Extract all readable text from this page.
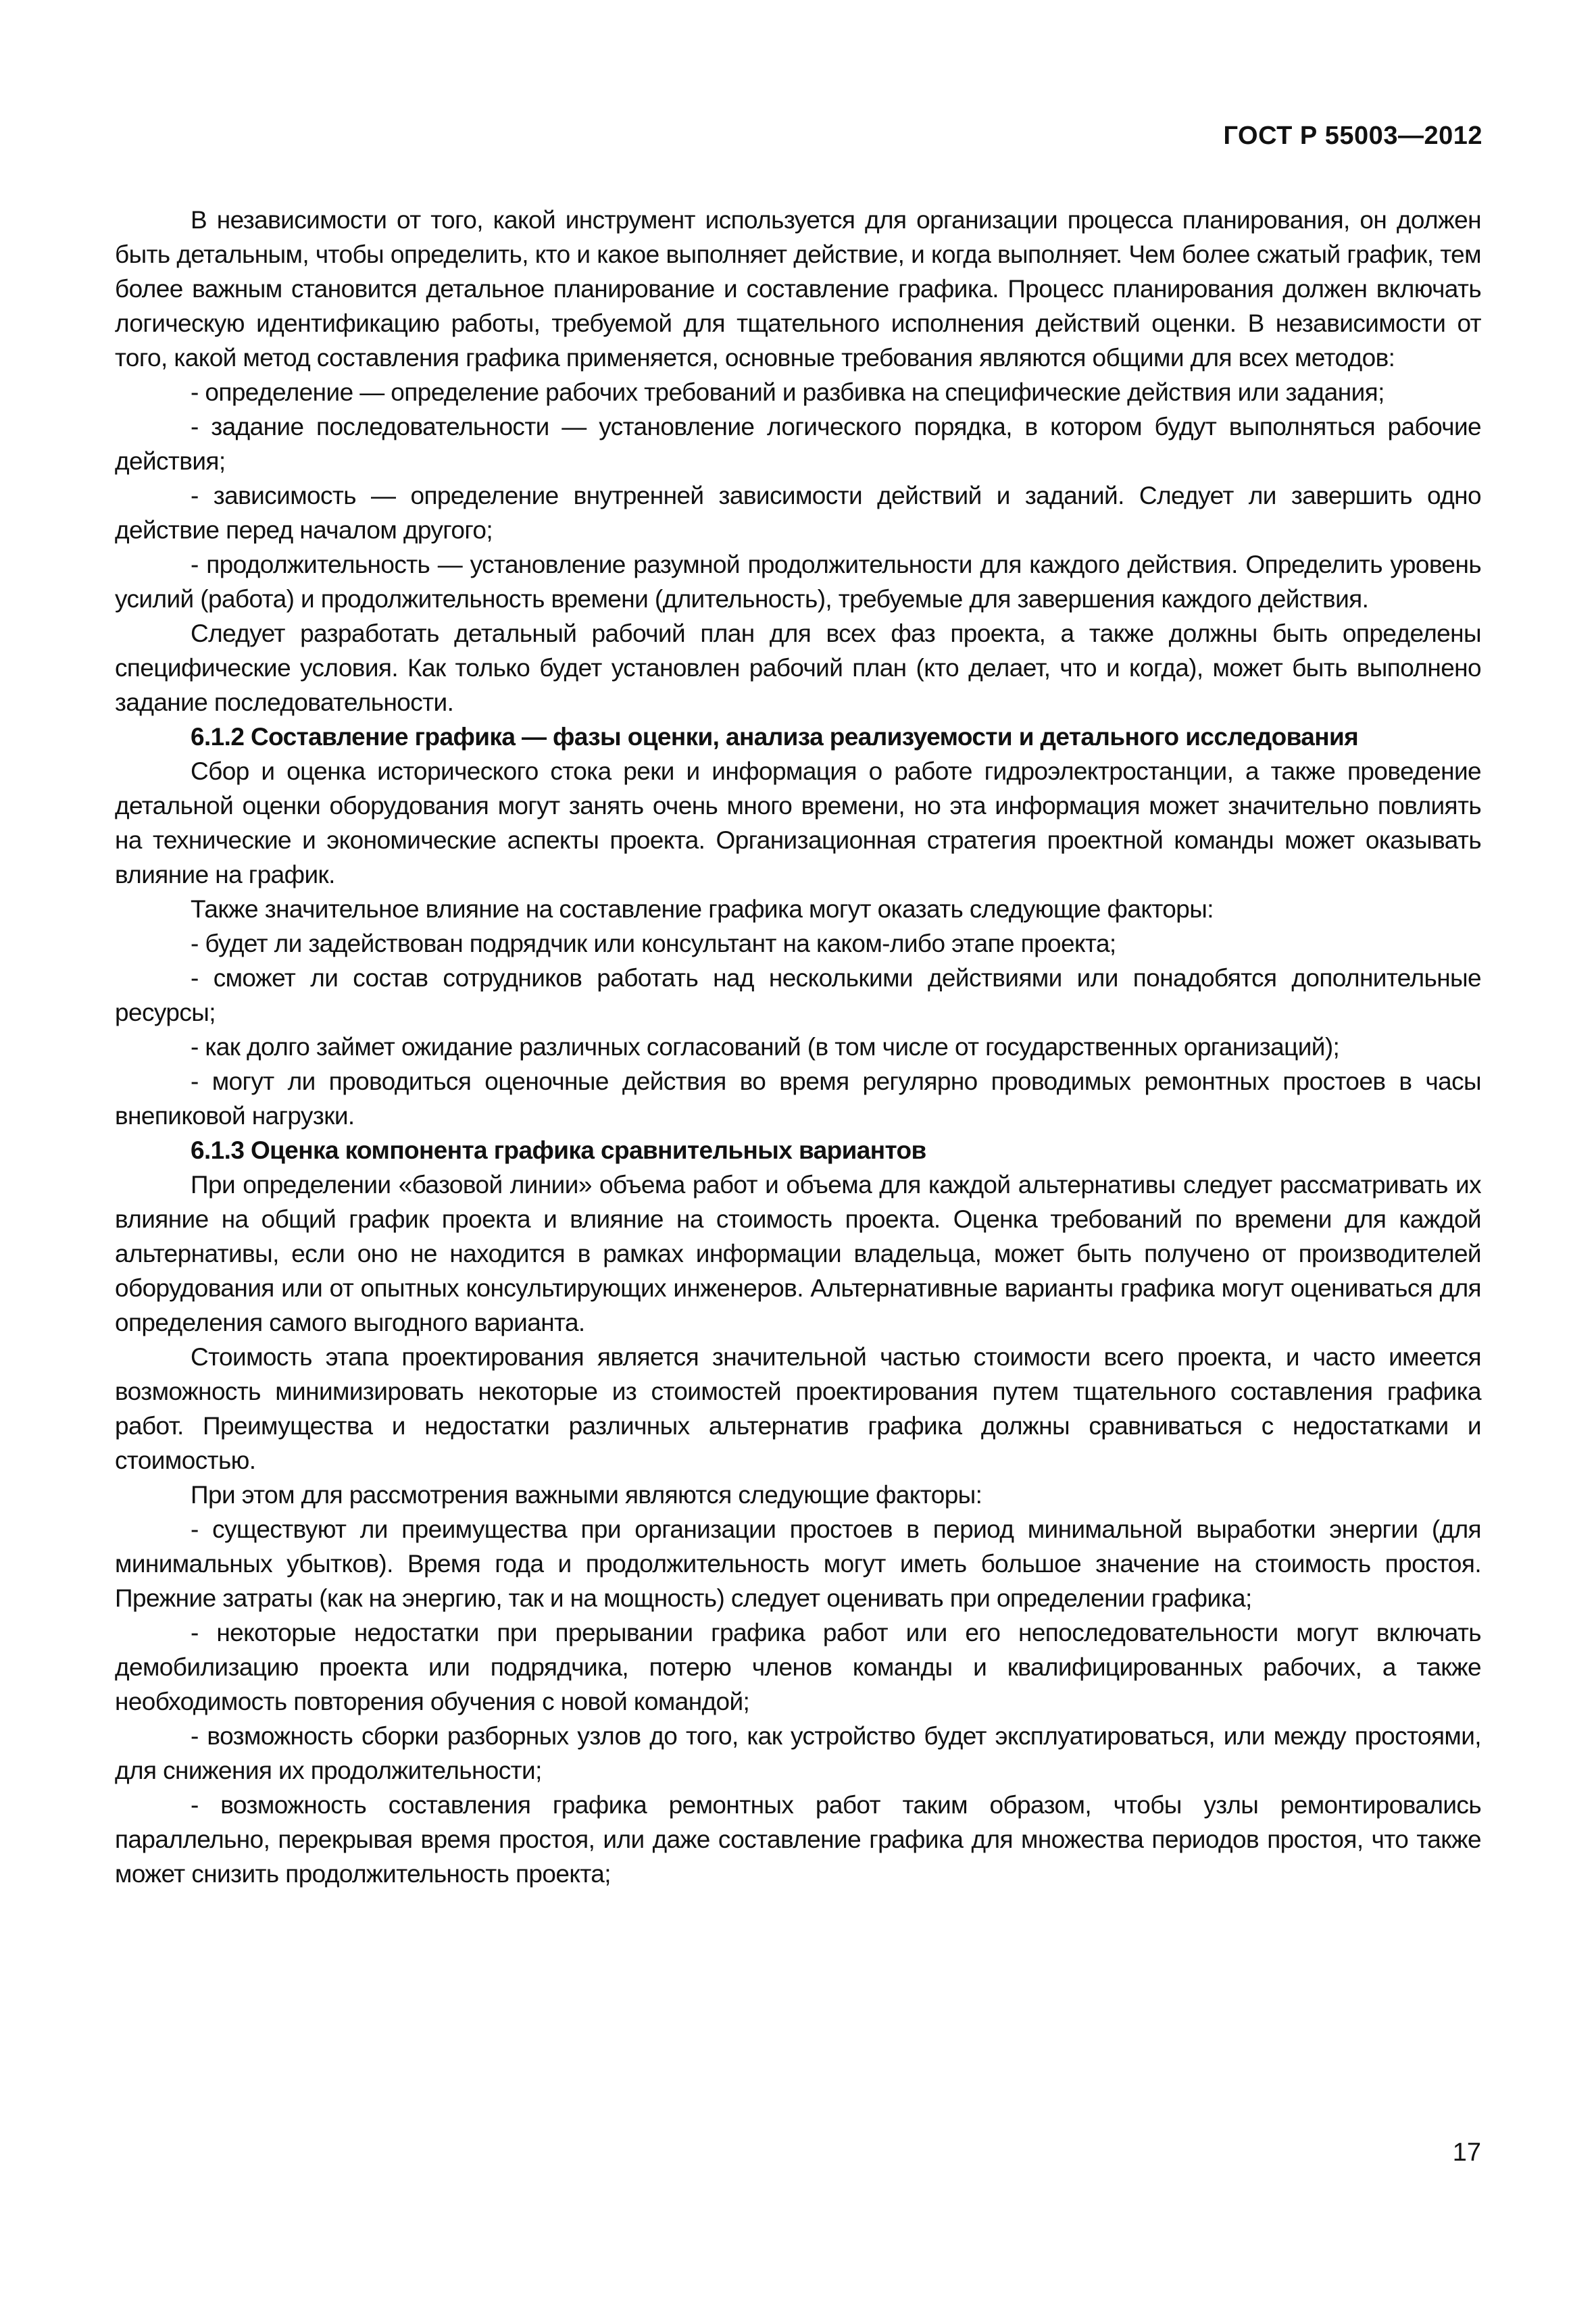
ГОСТ Р 55003—2012

В независимости от того, какой инструмент используется для организации процесса планирования, он должен быть детальным, чтобы определить, кто и какое выполняет действие, и когда выполняет. Чем более сжатый график, тем более важным становится детальное планирование и составление графика. Процесс планирования должен включать логическую идентификацию работы, требуемой для тщательного исполнения действий оценки. В независимости от того, какой метод составления графика применяется, основные требования являются общими для всех методов:

- определение — определение рабочих требований и разбивка на специфические действия или задания;

- задание последовательности — установление логического порядка, в котором будут выполняться рабочие действия;

- зависимость — определение внутренней зависимости действий и заданий. Следует ли завершить одно действие перед началом другого;

- продолжительность — установление разумной продолжительности для каждого действия. Определить уровень усилий (работа) и продолжительность времени (длительность), требуемые для завершения каждого действия.

Следует разработать детальный рабочий план для всех фаз проекта, а также должны быть определены специфические условия. Как только будет установлен рабочий план (кто делает, что и когда), может быть выполнено задание последовательности.

6.1.2 Составление графика — фазы оценки, анализа реализуемости и детального исследования

Сбор и оценка исторического стока реки и информация о работе гидроэлектростанции, а также проведение детальной оценки оборудования могут занять очень много времени, но эта информация может значительно повлиять на технические и экономические аспекты проекта. Организационная стратегия проектной команды может оказывать влияние на график.

Также значительное влияние на составление графика могут оказать следующие факторы:

- будет ли задействован подрядчик или консультант на каком-либо этапе проекта;

- сможет ли состав сотрудников работать над несколькими действиями или понадобятся дополнительные ресурсы;

- как долго займет ожидание различных согласований (в том числе от государственных организаций);

- могут ли проводиться оценочные действия во время регулярно проводимых ремонтных простоев в часы внепиковой нагрузки.

6.1.3 Оценка компонента графика сравнительных вариантов

При определении «базовой линии» объема работ и объема для каждой альтернативы следует рассматривать их влияние на общий график проекта и влияние на стоимость проекта. Оценка требований по времени для каждой альтернативы, если оно не находится в рамках информации владельца, может быть получено от производителей оборудования или от опытных консультирующих инженеров. Альтернативные варианты графика могут оцениваться для определения самого выгодного варианта.

Стоимость этапа проектирования является значительной частью стоимости всего проекта, и часто имеется возможность минимизировать некоторые из стоимостей проектирования путем тщательного составления графика работ. Преимущества и недостатки различных альтернатив графика должны сравниваться с недостатками и стоимостью.

При этом для рассмотрения важными являются следующие факторы:

- существуют ли преимущества при организации простоев в период минимальной выработки энергии (для минимальных убытков). Время года и продолжительность могут иметь большое значение на стоимость простоя. Прежние затраты (как на энергию, так и на мощность) следует оценивать при определении графика;

- некоторые недостатки при прерывании графика работ или его непоследовательности могут включать демобилизацию проекта или подрядчика, потерю членов команды и квалифицированных рабочих, а также необходимость повторения обучения с новой командой;

- возможность сборки разборных узлов до того, как устройство будет эксплуатироваться, или между простоями, для снижения их продолжительности;

- возможность составления графика ремонтных работ таким образом, чтобы узлы ремонтировались параллельно, перекрывая время простоя, или даже составление графика для множества периодов простоя, что также может снизить продолжительность проекта;

17
